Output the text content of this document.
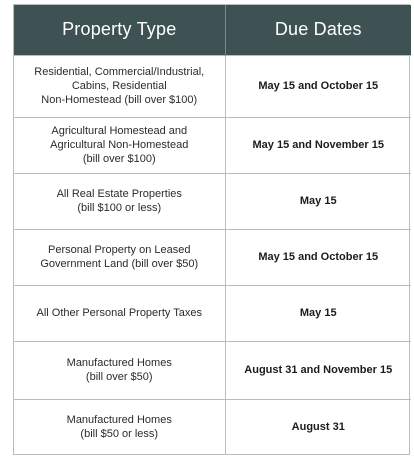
Property Type	Due Dates
Residential, Commercial/Industrial,
Cabins, Residential
Non-Homestead (bill over $100)	May 15 and October 15
Agricultural Homestead and
Agricultural Non-Homestead
(bill over $100)	May 15 and November 15
All Real Estate Properties
(bill $100 or less)	May 15
Personal Property on Leased
Government Land (bill over $50)	May 15 and October 15
All Other Personal Property Taxes	May 15
Manufactured Homes
(bill over $50)	August 31 and November 15
Manufactured Homes
(bill $50 or less)	August 31
